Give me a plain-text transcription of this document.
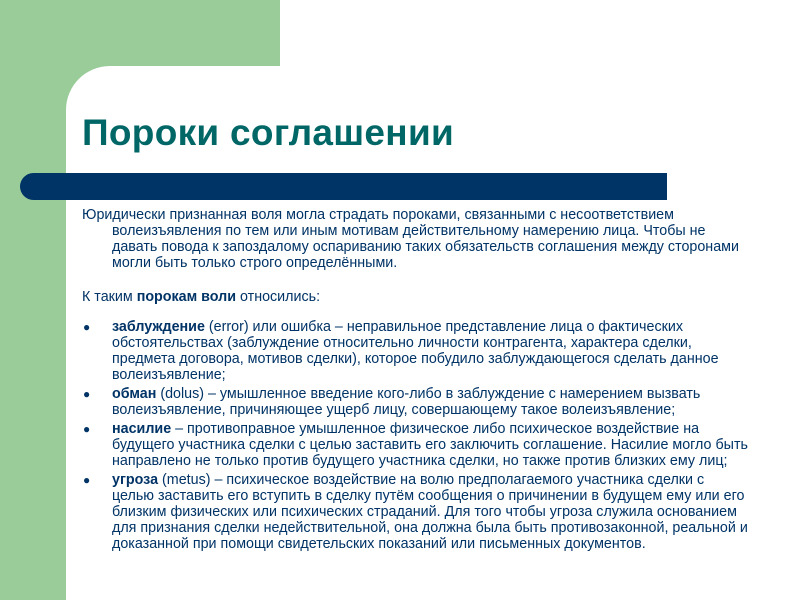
Пороки соглашении

Юридически признанная воля могла страдать пороками, связанными с несоответствием волеизъявления по тем или иным мотивам действительному намерению лица. Чтобы не давать повода к запоздалому оспариванию таких обязательств соглашения между сторонами могли быть только строго определёнными.

К таким порокам воли относились:

● заблуждение (error) или ошибка – неправильное представление лица о фактических обстоятельствах (заблуждение относительно личности контрагента, характера сделки, предмета договора, мотивов сделки), которое побудило заблуждающегося сделать данное волеизъявление;
● обман (dolus) – умышленное введение кого-либо в заблуждение с намерением вызвать волеизъявление, причиняющее ущерб лицу, совершающему такое волеизъявление;
● насилие – противоправное умышленное физическое либо психическое воздействие на будущего участника сделки с целью заставить его заключить соглашение. Насилие могло быть направлено не только против будущего участника сделки, но также против близких ему лиц;
● угроза (metus) – психическое воздействие на волю предполагаемого участника сделки с целью заставить его вступить в сделку путём сообщения о причинении в будущем ему или его близким физических или психических страданий. Для того чтобы угроза служила основанием для признания сделки недействительной, она должна была быть противозаконной, реальной и доказанной при помощи свидетельских показаний или письменных документов.
